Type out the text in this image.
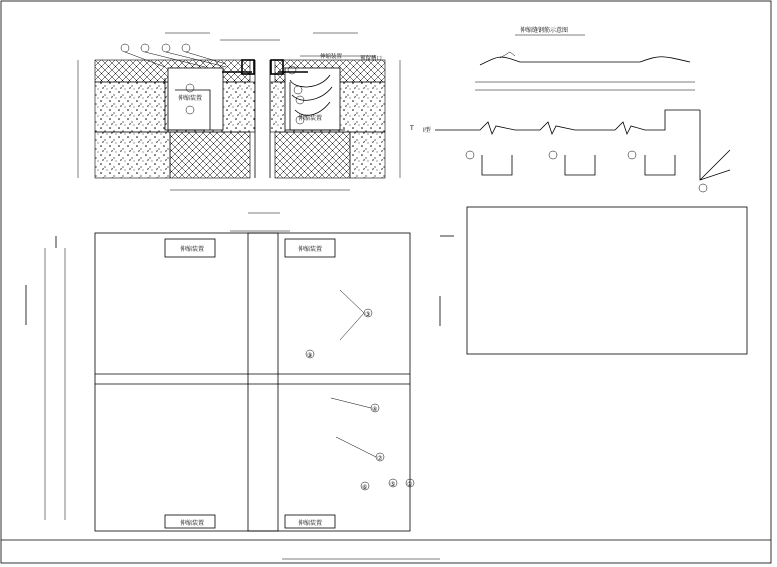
伸缩装置
伸缩装置
伸缩装置	预留槽口
T
伸缩缝钢筋示意图
Ⅰ型
伸缩装置	伸缩装置
伸缩装置	伸缩装置
③
④
⑦
⑤ ①
⑨
⑥
